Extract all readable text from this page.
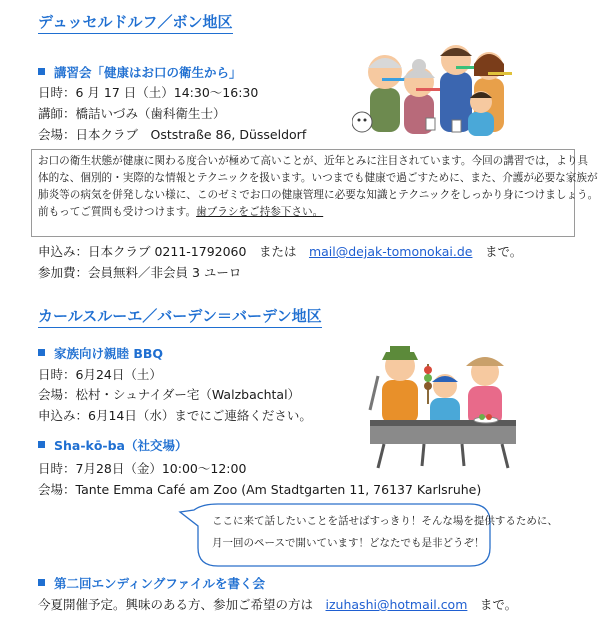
デュッセルドルフ／ボン地区
講習会「健康はお口の衛生から」
日時：6 月 17 日（土）14:30～16:30
講師：橋詰いづみ（歯科衛生士）
会場：日本クラブ　Oststraße 86, Düsseldorf

お口の衛生状態が健康に関わる度合いが極めて高いことが、近年とみに注目されています。今回の講習では，より具

体的な、個別的・実際的な情報とテクニックを扱います。いつまでも健康で過ごすために、また、介護が必要な家族が

肺炎等の病気を併発しない様に、このゼミでお口の健康管理に必要な知識とテクニックをしっかり身につけましょう。

前もってご質問も受けつけます。歯ブラシをご持参下さい。

申込み：日本クラブ 0211-1792060　または　mail@dejak-tomonokai.de　まで。
参加費：会員無料／非会員 3 ユーロ
カールスルーエ／バーデン＝バーデン地区
家族向け親睦 BBQ
日時：6月24日（土）
会場：松村・シュナイダー宅（Walzbachtal）
申込み：6月14日（水）までにご連絡ください。
Sha-kō-ba（社交場）
日時：7月28日（金）10:00～12:00
会場：Tante Emma Café am Zoo (Am Stadtgarten 11, 76137 Karlsruhe)
ここに来て話したいことを話せばすっきり！そんな場を提供するために、
月一回のペースで開いています！どなたでも是非どうぞ！
第二回エンディングファイルを書く会
今夏開催予定。興味のある方、参加ご希望の方は　izuhashi@hotmail.com　まで。
